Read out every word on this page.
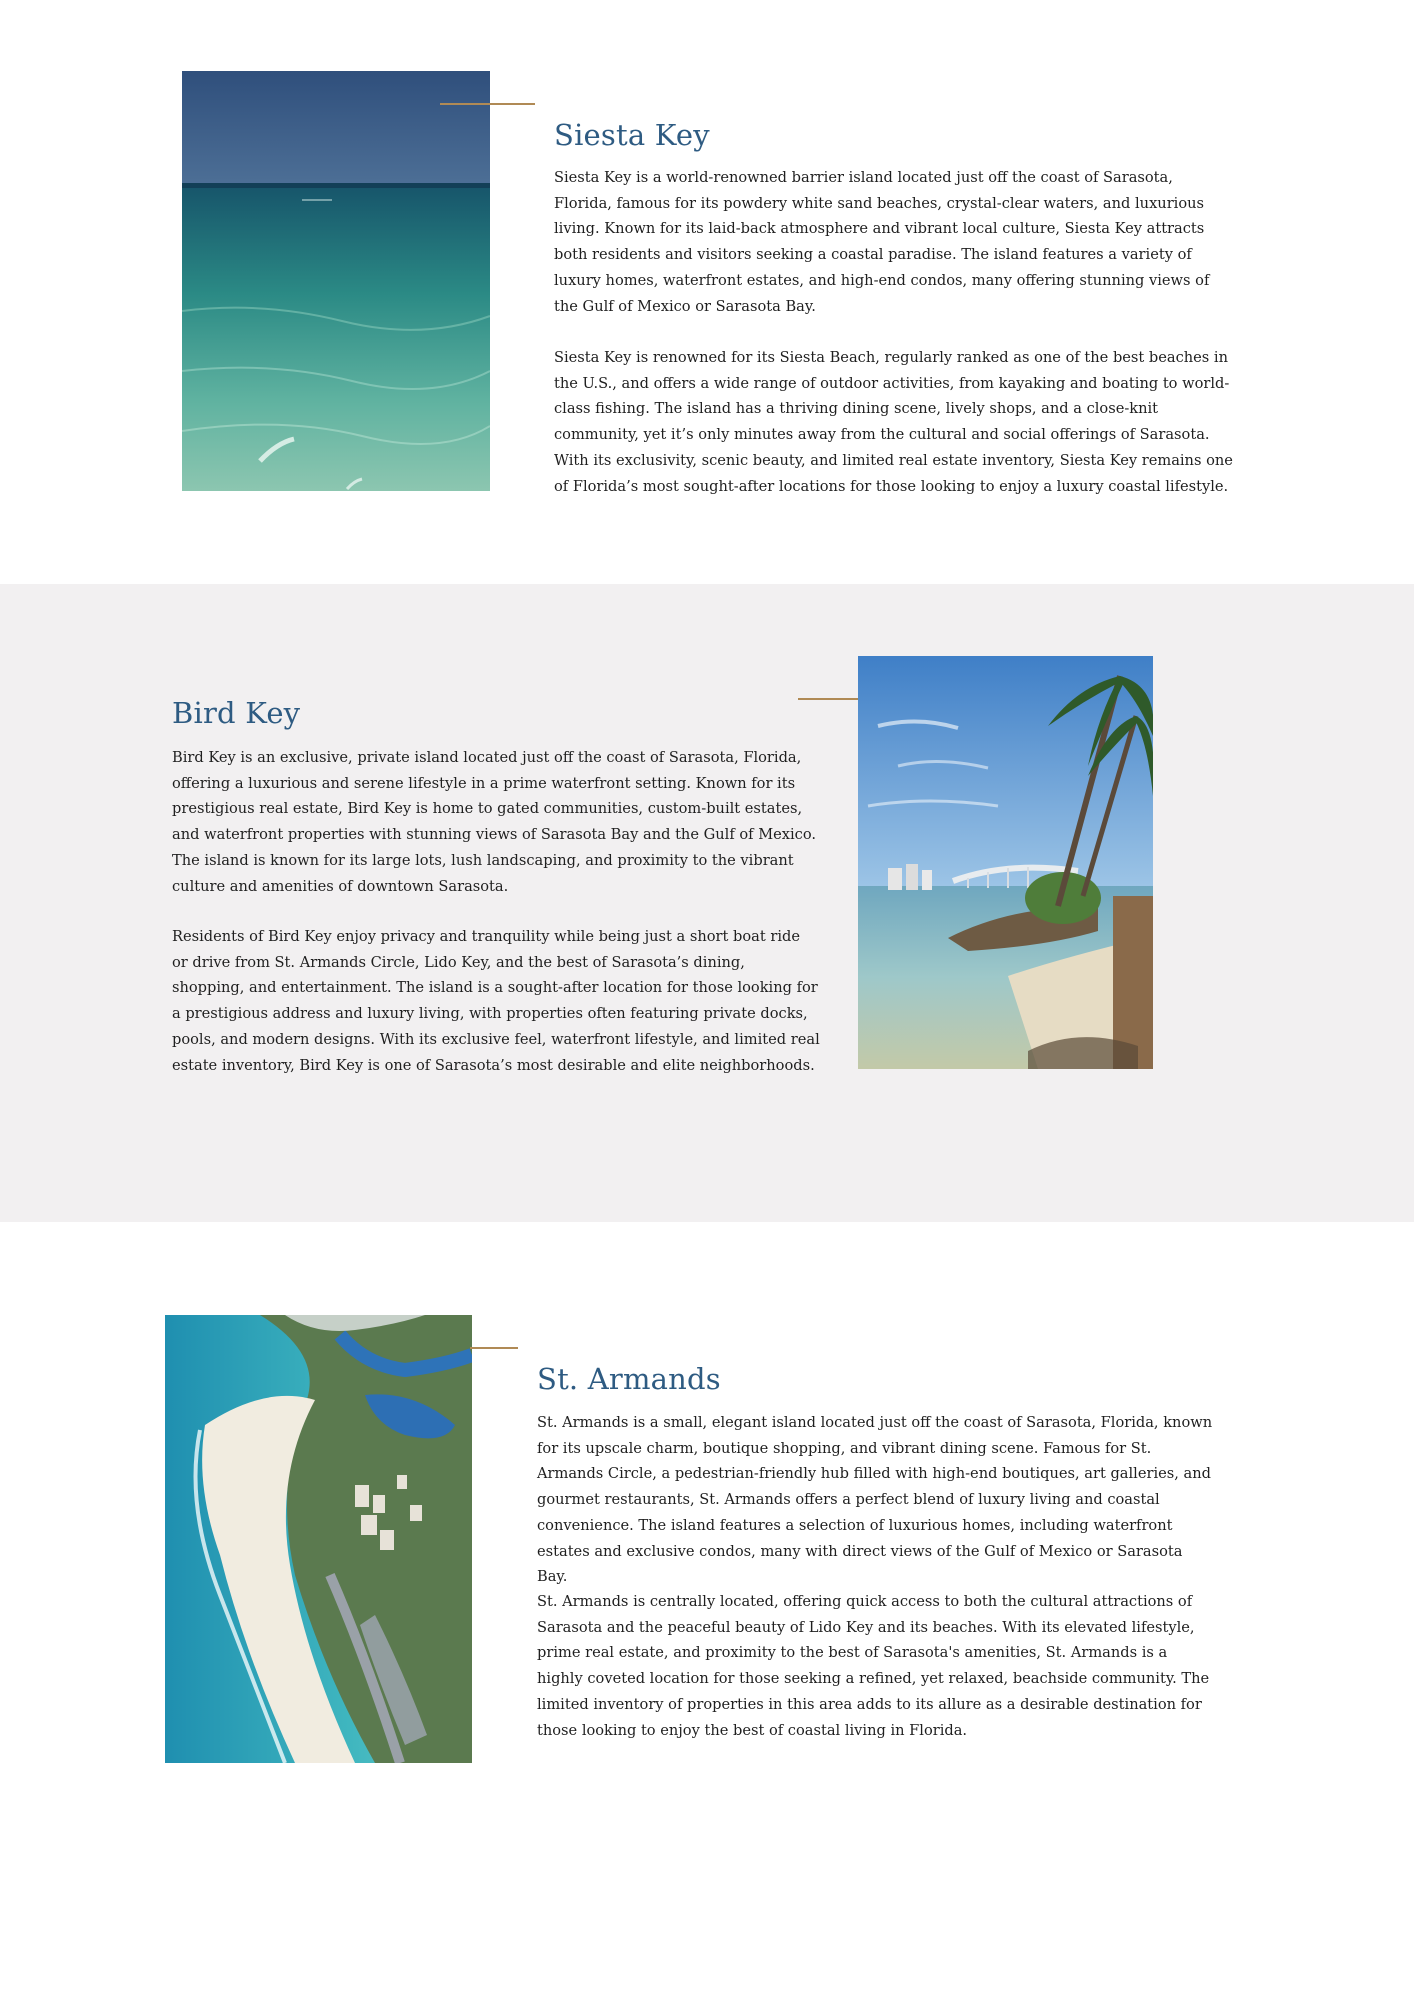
Siesta Key

Siesta Key is a world-renowned barrier island located just off the coast of Sarasota, Florida, famous for its powdery white sand beaches, crystal-clear waters, and luxurious living. Known for its laid-back atmosphere and vibrant local culture, Siesta Key attracts both residents and visitors seeking a coastal paradise. The island features a variety of luxury homes, waterfront estates, and high-end condos, many offering stunning views of the Gulf of Mexico or Sarasota Bay.

Siesta Key is renowned for its Siesta Beach, regularly ranked as one of the best beaches in the U.S., and offers a wide range of outdoor activities, from kayaking and boating to world-class fishing. The island has a thriving dining scene, lively shops, and a close-knit community, yet it’s only minutes away from the cultural and social offerings of Sarasota. With its exclusivity, scenic beauty, and limited real estate inventory, Siesta Key remains one of Florida’s most sought-after locations for those looking to enjoy a luxury coastal lifestyle.

Bird Key

Bird Key is an exclusive, private island located just off the coast of Sarasota, Florida, offering a luxurious and serene lifestyle in a prime waterfront setting. Known for its prestigious real estate, Bird Key is home to gated communities, custom-built estates, and waterfront properties with stunning views of Sarasota Bay and the Gulf of Mexico. The island is known for its large lots, lush landscaping, and proximity to the vibrant culture and amenities of downtown Sarasota.

Residents of Bird Key enjoy privacy and tranquility while being just a short boat ride or drive from St. Armands Circle, Lido Key, and the best of Sarasota’s dining, shopping, and entertainment. The island is a sought-after location for those looking for a prestigious address and luxury living, with properties often featuring private docks, pools, and modern designs. With its exclusive feel, waterfront lifestyle, and limited real estate inventory, Bird Key is one of Sarasota’s most desirable and elite neighborhoods.

St. Armands

St. Armands is a small, elegant island located just off the coast of Sarasota, Florida, known for its upscale charm, boutique shopping, and vibrant dining scene. Famous for St. Armands Circle, a pedestrian-friendly hub filled with high-end boutiques, art galleries, and gourmet restaurants, St. Armands offers a perfect blend of luxury living and coastal convenience. The island features a selection of luxurious homes, including waterfront estates and exclusive condos, many with direct views of the Gulf of Mexico or Sarasota Bay.

St. Armands is centrally located, offering quick access to both the cultural attractions of Sarasota and the peaceful beauty of Lido Key and its beaches. With its elevated lifestyle, prime real estate, and proximity to the best of Sarasota's amenities, St. Armands is a highly coveted location for those seeking a refined, yet relaxed, beachside community. The limited inventory of properties in this area adds to its allure as a desirable destination for those looking to enjoy the best of coastal living in Florida.
